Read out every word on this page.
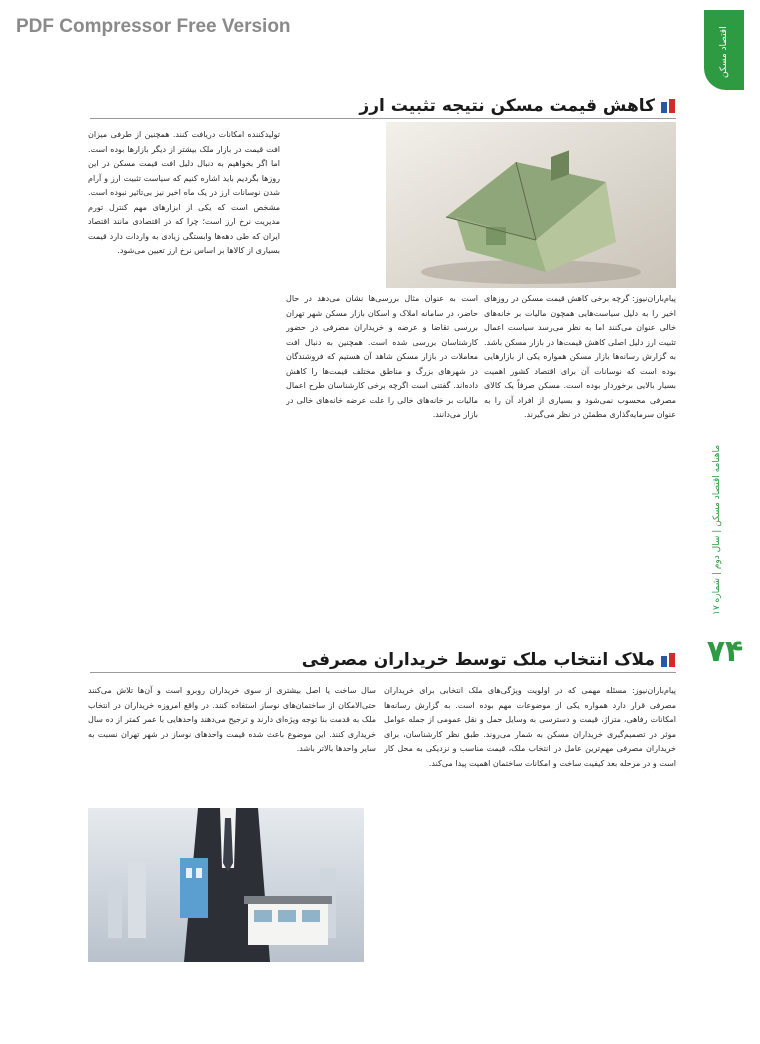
PDF Compressor Free Version	اقتصاد مسکن
ماهنامه اقتصاد مسکن | سال دوم | شماره ۱۷
۷۴
کاهش قیمت مسکن نتیجه تثبیت ارز

پیام‌باران‌نیوز: گرچه برخی کاهش قیمت مسکن در روزهای اخیر را به دلیل سیاست‌هایی همچون مالیات بر خانه‌های خالی عنوان می‌کنند اما به نظر می‌رسد سیاست اعمال تثبیت ارز دلیل اصلی کاهش قیمت‌ها در بازار مسکن باشد. به گزارش رسانه‌ها بازار مسکن همواره یکی از بازارهایی بوده است که نوسانات آن برای اقتصاد کشور اهمیت بسیار بالایی برخوردار بوده است. مسکن صرفاً یک کالای مصرفی محسوب نمی‌شود و بسیاری از افراد آن را به عنوان سرمایه‌گذاری مطمئن در نظر می‌گیرند.

است به عنوان مثال بررسی‌ها نشان می‌دهد در حال حاضر، در سامانه املاک و اسکان بازار مسکن شهر تهران بررسی تقاضا و عرضه و خریداران مصرفی در حضور کارشناسان بررسی شده است. همچنین به دنبال افت معاملات در بازار مسکن شاهد آن هستیم که فروشندگان در شهرهای بزرگ و مناطق مختلف قیمت‌ها را کاهش داده‌اند. گفتنی است اگرچه برخی کارشناسان طرح اعمال مالیات بر خانه‌های خالی را علت عرضه خانه‌های خالی در بازار می‌دانند.

تولیدکننده امکانات دریافت کنند. همچنین از طرفی میزان افت قیمت در بازار ملک بیشتر از دیگر بازارها بوده است. اما اگر بخواهیم به دنبال دلیل افت قیمت مسکن در این روزها بگردیم باید اشاره کنیم که سیاست تثبیت ارز و آرام شدن نوسانات ارز در یک ماه اخیر نیز بی‌تاثیر نبوده است. مشخص است که یکی از ابزارهای مهم کنترل تورم مدیریت نرخ ارز است؛ چرا که در اقتصادی مانند اقتصاد ایران که طی دهه‌ها وابستگی زیادی به واردات دارد قیمت بسیاری از کالاها بر اساس نرخ ارز تعیین می‌شود.

ملاک انتخاب ملک توسط خریداران مصرفی

پیام‌باران‌نیوز: مسئله مهمی که در اولویت ویژگی‌های ملک انتخابی برای خریداران مصرفی قرار دارد همواره یکی از موضوعات مهم بوده است. به گزارش رسانه‌ها امکانات رفاهی، متراژ، قیمت و دسترسی به وسایل حمل و نقل عمومی از جمله عوامل موثر در تصمیم‌گیری خریداران مسکن به شمار می‌روند. طبق نظر کارشناسان، برای خریداران مصرفی مهم‌ترین عامل در انتخاب ملک، قیمت مناسب و نزدیکی به محل کار است و در مرحله بعد کیفیت ساخت و امکانات ساختمان اهمیت پیدا می‌کند.

سال ساخت یا اصل بیشتری از سوی خریداران روبرو است و آن‌ها تلاش می‌کنند حتی‌الامکان از ساختمان‌های نوساز استفاده کنند. در واقع امروزه خریداران در انتخاب ملک به قدمت بنا توجه ویژه‌ای دارند و ترجیح می‌دهند واحدهایی با عمر کمتر از ده سال خریداری کنند. این موضوع باعث شده قیمت واحدهای نوساز در شهر تهران نسبت به سایر واحدها بالاتر باشد.
